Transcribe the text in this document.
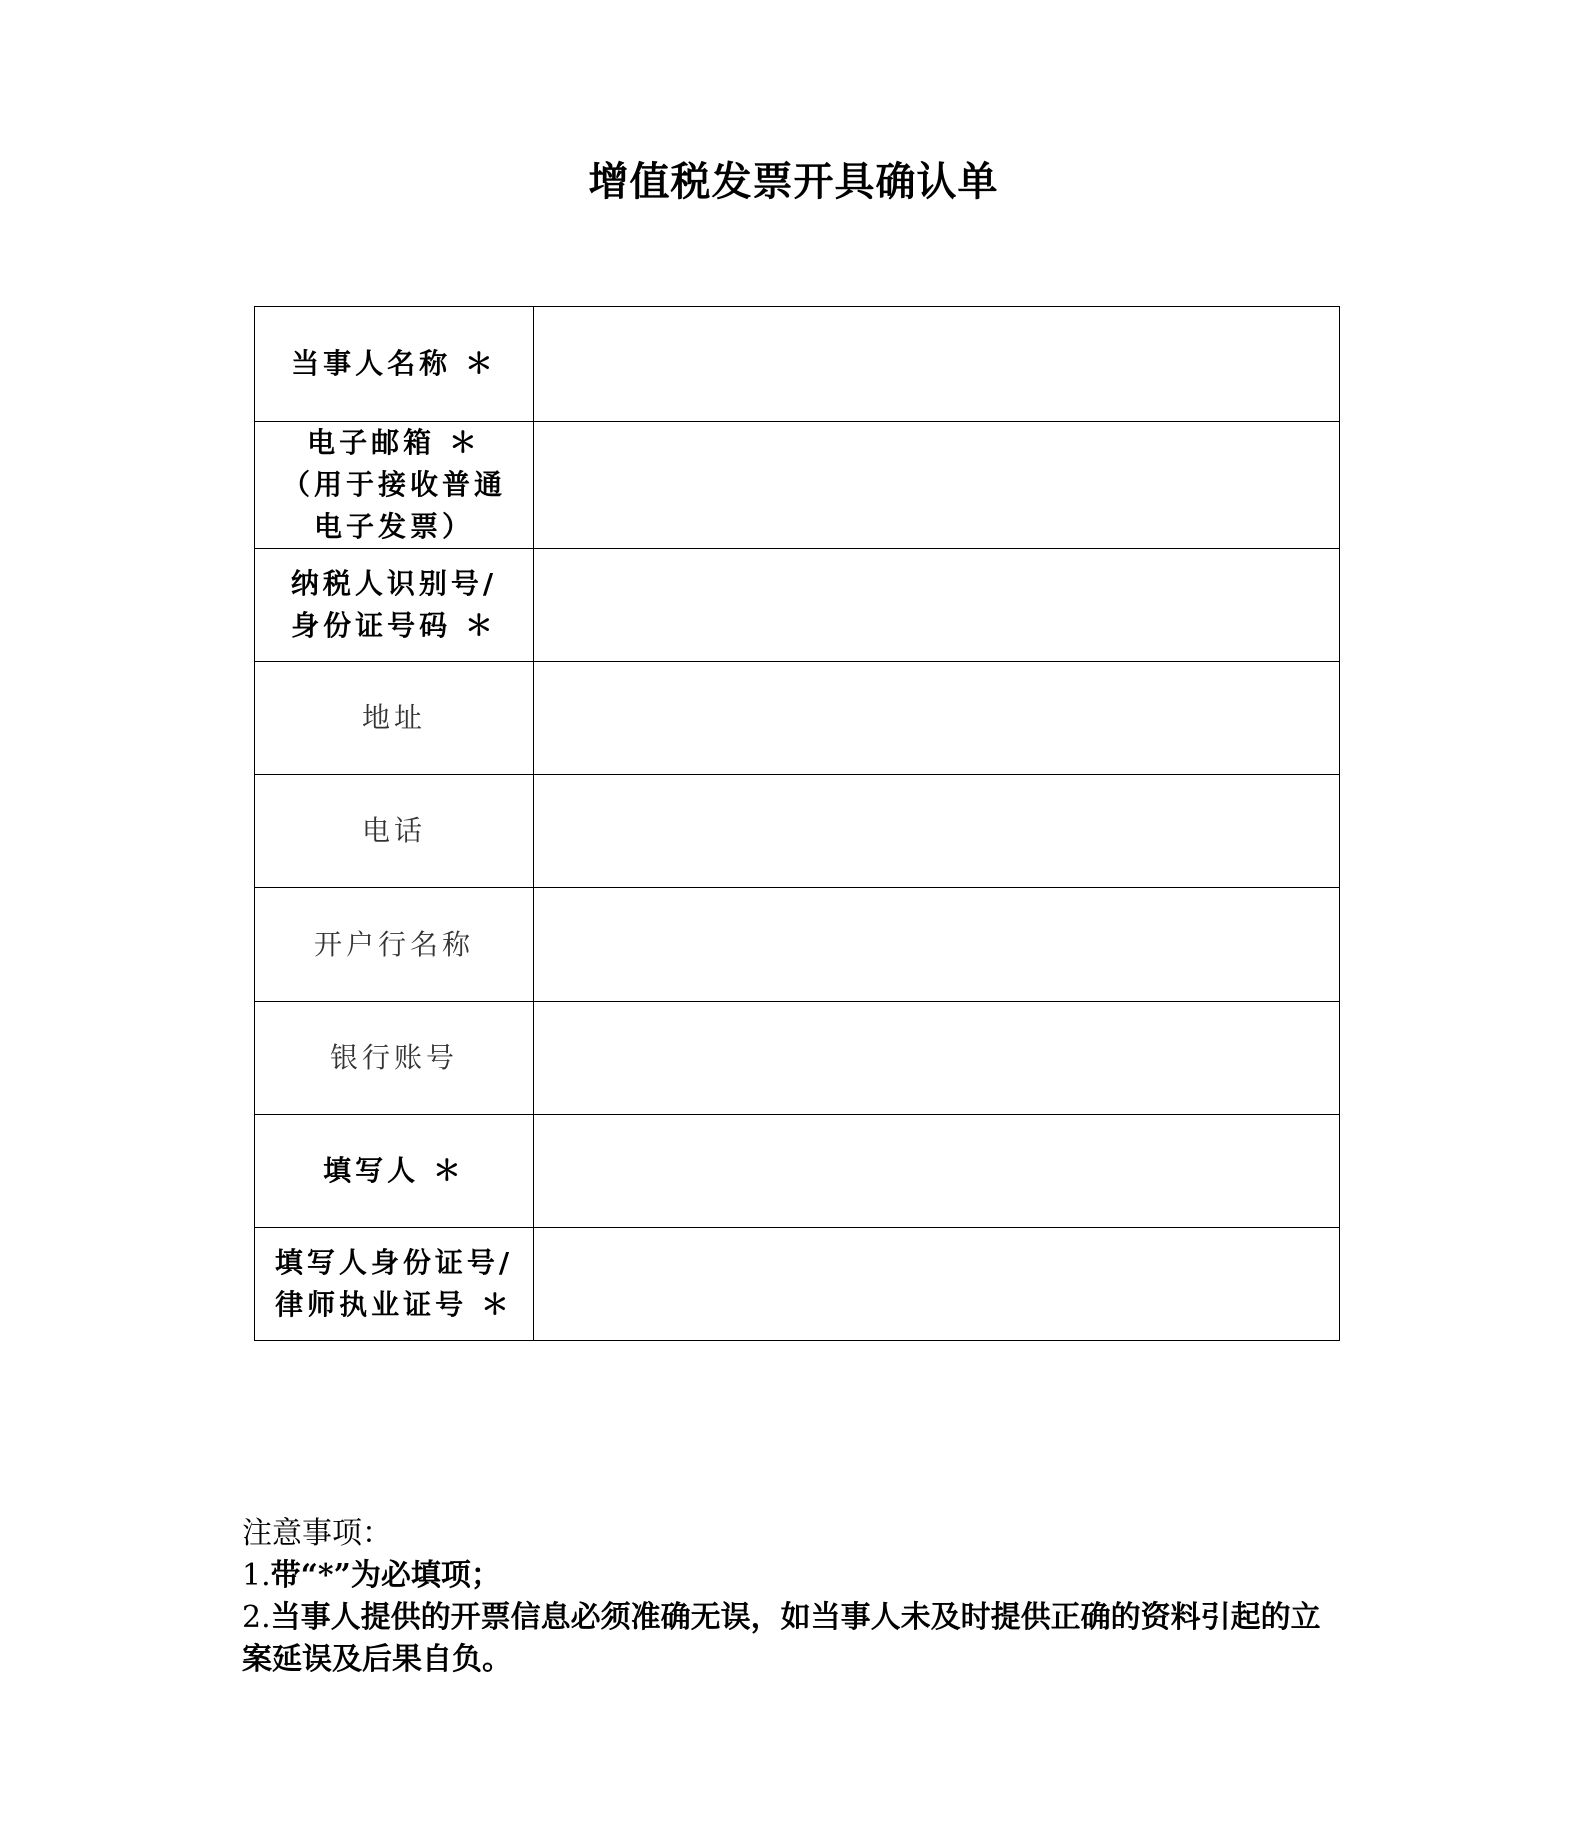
增值税发票开具确认单
当事人名称 ＊	

电子邮箱 ＊
（用于接收普通电子发票）	

纳税人识别号/
身份证号码 ＊	

地址	
电话	
开户行名称	
银行账号	
填写人 ＊	

填写人身份证号/
律师执业证号 ＊	

注意事项：
1.带“*”为必填项；
2.当事人提供的开票信息必须准确无误，如当事人未及时提供正确的资料引起的立案延误及后果自负。
